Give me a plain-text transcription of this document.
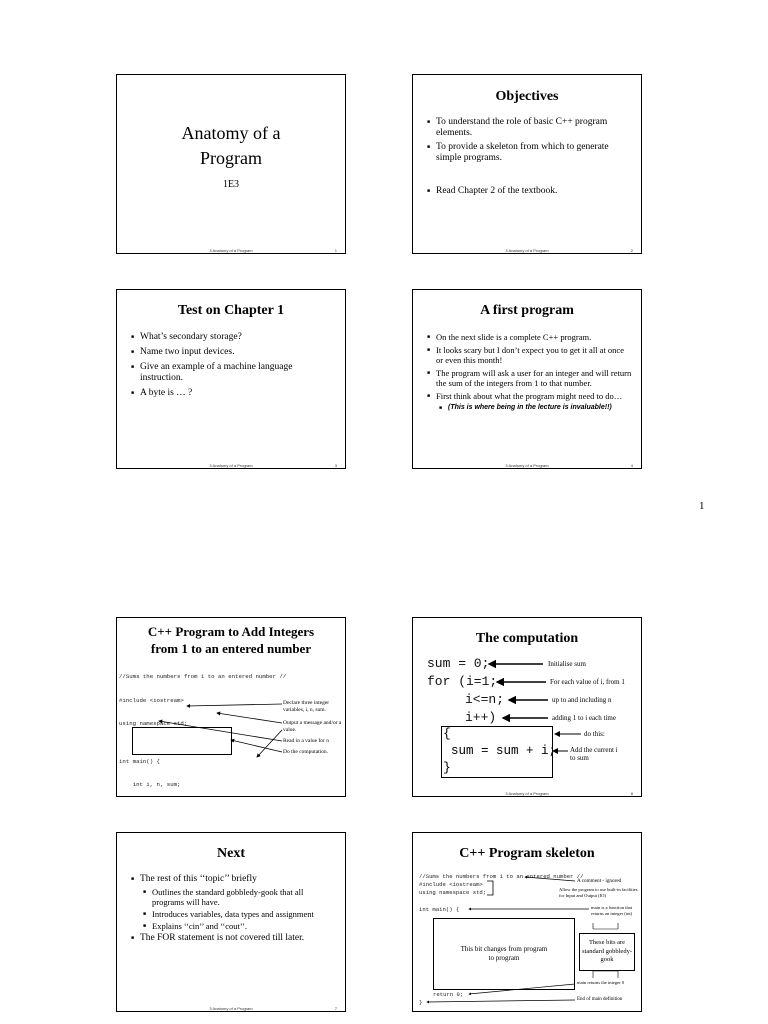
Anatomy of a
Program
1E3
3 Anatomy of a Program	1
Objectives
■ To understand the role of basic C++ program elements.
■ To provide a skeleton from which to generate simple programs.
■ Read Chapter 2 of the textbook.
3 Anatomy of a Program	2
Test on Chapter 1
■ What’s secondary storage?
■ Name two input devices.
■ Give an example of a machine language instruction.
■ A byte is … ?
3 Anatomy of a Program	3
A first program
■ On the next slide is a complete C++ program.
■ It looks scary but I don’t expect you to get it all at once or even this month!
■ The program will ask a user for an integer and will return the sum of the integers from 1 to that number.
■ First think about what the program might need to do…
■ (This is where being in the lecture is invaluable!!)
3 Anatomy of a Program	4
1
C++ Program to Add Integers
from 1 to an entered number

//Sums the numbers from 1 to an entered number //

#include <iostream>

using namespace std;

int main() {

int i, n, sum;

Declare three integer variables, i, n, sum.
Output a message and/or a value.
Read in a value for n
Do the computation.
The computation
sum = 0;
for (i=1;
i<=n;
i++)
{
sum = sum + i;
}
Initialise sum
For each value of i, from 1
up to and including n
adding 1 to i each time
do this:
Add the current i to sum
3 Anatomy of a Program	8
Next
■ The rest of this ‘‘topic’’ briefly
■ Outlines the standard gobbledy-gook that all programs will have.
■ Introduces variables, data types and assignment
■ Explains ‘‘cin’’ and ‘‘cout’’.
■ The FOR statement is not covered till later.
3 Anatomy of a Program	7
C++ Program skeleton
//Sums the numbers from 1 to an entered number //
#include <iostream>
using namespace std;
int main() {
return 0;
}
This bit changes from program to program
These bits are standard gobbledy-gook
A comment - ignored
Allow the program to use built-in facilities for Input and Output (IO)
main is a function that returns an integer (int)
main returns the integer 0
End of main definition
